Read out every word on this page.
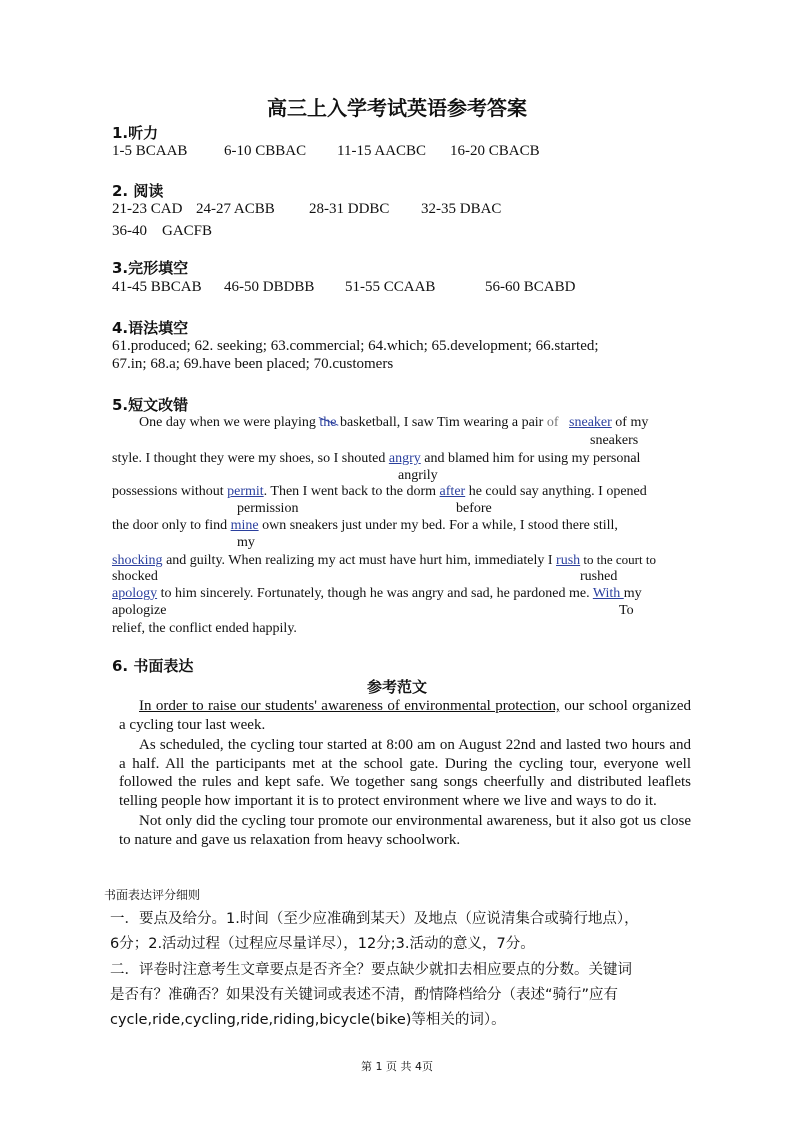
高三上入学考试英语参考答案
1.听力
1-5 BCAAB 6-10 CBBAC 11-15 AACBC 16-20 CBACB
2. 阅读
21-23 CAD 24-27 ACBB 28-31 DDBC 32-35 DBAC
36-40　GACFB
3.完形填空
41-45 BBCAB 46-50 DBDBB 51-55 CCAAB	56-60 BCABD
4.语法填空
61.produced; 62. seeking; 63.commercial; 64.which; 65.development; 66.started;
67.in; 68.a; 69.have been placed; 70.customers
5.短文改错
One day when we were playing the basketball, I saw Tim wearing a pair of sneaker of my
sneakers
style. I thought they were my shoes, so I shouted angry and blamed him for using my personal
angrily
possessions without permit. Then I went back to the dorm after he could say anything. I opened
permission	before
the door only to find mine own sneakers just under my bed. For a while, I stood there still,
my
shocking and guilty. When realizing my act must have hurt him, immediately I rush to the court to
shocked	rushed
apology to him sincerely. Fortunately, though he was angry and sad, he pardoned me. With my
apologize	To
relief, the conflict ended happily.
6. 书面表达
参考范文

In order to raise our students' awareness of environmental protection, our school organized a cycling tour last week.

As scheduled, the cycling tour started at 8:00 am on August 22nd and lasted two hours and a half. All the participants met at the school gate. During the cycling tour, everyone well followed the rules and kept safe. We together sang songs cheerfully and distributed leaflets telling people how important it is to protect environment where we live and ways to do it.

Not only did the cycling tour promote our environmental awareness, but it also got us close to nature and gave us relaxation from heavy schoolwork.

书面表达评分细则
一．要点及给分。1.时间（至少应准确到某天）及地点（应说清集合或骑行地点），
6分；2.活动过程（过程应尽量详尽），12分;3.活动的意义，7分。
二．评卷时注意考生文章要点是否齐全？要点缺少就扣去相应要点的分数。关键词
是否有？准确否？如果没有关键词或表述不清，酌情降档给分（表述“骑行”应有
cycle,ride,cycling,ride,riding,bicycle(bike)等相关的词）。
第 1 页 共 4页
